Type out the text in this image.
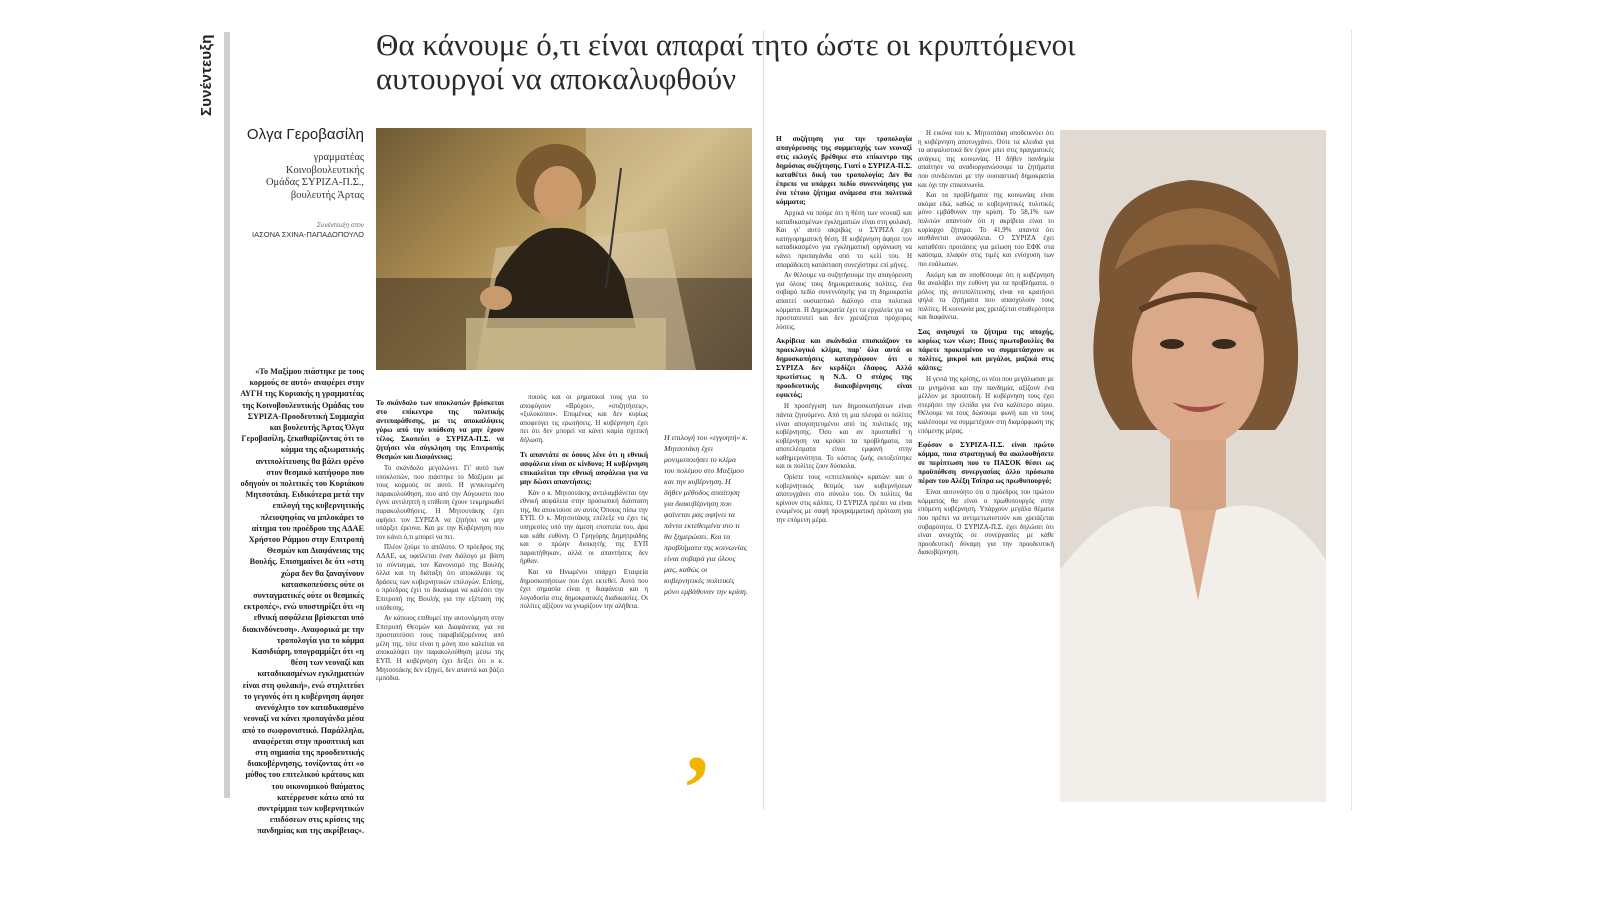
Συνέντευξη	Θα κάνουμε ό,τι είναι απαραί τητο ώστε οι κρυπτόμενοι
αυτουργοί να αποκαλυφθούν
Ολγα Γεροβασίλη
γραμματέας Κοινοβουλευτικής Ομάδας ΣΥΡΙΖΑ-Π.Σ., βουλευτής Άρτας
Συνέντευξη στον
ΙΑΣΟΝΑ ΣΧΙΝΑ-ΠΑΠΑΔΟΠΟΥΛΟ
«Το Μαξίμου πιάστηκε με τους κορμούς σε αυτό» αναφέρει στην ΑΥΓΗ της Κυριακής η γραμματέας της Κοινοβουλευτικής Ομάδας του ΣΥΡΙΖΑ-Προοδευτική Συμμαχία και βουλευτής Άρτας Όλγα Γεροβασίλη, ξεκαθαρίζοντας ότι το κόμμα της αξιωματικής αντιπολίτευσης θα βάλει φρένο στον θεσμικό κατήφορο που οδηγούν οι πολιτικές του Κυριάκου Μητσοτάκη. Ειδικότερα μετά την επιλογή της κυβερνητικής πλειοψηφίας να μπλοκάρει το αίτημα του προέδρου της ΑΔΑΕ Χρήστου Ράμμου στην Επιτροπή Θεσμών και Διαφάνειας της Βουλής. Επισημαίνει δε ότι «στη χώρα δεν θα ξαναγίνουν κατασκοπεύσεις ούτε οι συνταγματικές ούτε οι θεσμικές εκτροπές», ενώ υποστηρίζει ότι «η εθνική ασφάλεια βρίσκεται υπό διακινδύνευση». Αναφορικά με την τροπολογία για το κόμμα Κασιδιάρη, υπογραμμίζει ότι «η θέση των νεοναζί και καταδικασμένων εγκληματιών είναι στη φυλακή», ενώ στηλιτεύει το γεγονός ότι η κυβέρνηση άφησε ανενόχλητο τον καταδικασμένο νεοναζί να κάνει προπαγάνδα μέσα από το σωφρονιστικό. Παράλληλα, αναφέρεται στην προοπτική και στη σημασία της προοδευτικής διακυβέρνησης, τονίζοντας ότι «ο μύθος του επιτελικού κράτους και του οικονομικού θαύματος κατέρρευσε κάτω από τα συντρίμμια των κυβερνητικών επιδόσεων στις κρίσεις της πανδημίας και της ακρίβειας».

Το σκάνδαλο των υποκλοπών βρίσκεται στο επίκεντρο της πολιτικής αντιπαράθεσης, με τις αποκαλύψεις γύρω από την υπόθεση να μην έχουν τέλος. Σκοπεύει ο ΣΥΡΙΖΑ-Π.Σ. να ζητήσει νέα σύγκληση της Επιτροπής Θεσμών και Διαφάνειας;

Το σκάνδαλο μεγαλώνει. Γι' αυτό των υποκλοπών, που πιάστηκε το Μαξίμου με τους κορμούς σε αυτό. Η γενικευμένη παρακολούθηση, που από την Αύγουστο που έγινε αντιληπτή η επίθεση έχουν τεκμηριωθεί παρακολουθήσεις. Η Μητσοτάκης έχει αφήσει τον ΣΥΡΙΖΑ να ζητήσει να μην υπάρξει έρευνα. Και με την Κυβέρνηση που τον κάνει ό,τι μπορεί να πει.

Πλέον ζούμε το απόλυτο. Ο πρόεδρος της ΑΔΑΕ, ως οφείλεται έναν διάλογο με βάση το σύνταγμα, τον Κανονισμό της Βουλής όλλα και τη διάταξη ότι αποκάλυψε τις δράσεις των κυβερνητικών επιλογών. Επίσης, ο πρόεδρος έχει το δικαίωμα να καλέσει την Επιτροπή της Βουλής για την εξέταση της υπόθεσης.

Αν κάποιος επιθυμεί την αυτονόμηση στην Επιτροπή Θεσμών και Διαφάνειας για να προστατεύσει τους παραβιάζομένους από μέλη της, τότε είναι η μόνη που καλείται να αποκαλύψει την παρακολούθηση μέσω της ΕΥΠ. Η κυβέρνηση έχει δείξει ότι ο κ. Μητσοτάκης δεν εξηγεί, δεν απαντά και βάζει εμπόδια.

ποιούς και οι ρηματικοί τους για το αποφύγουν «Βρόχοι», «συζητήσεις», «ξυλοκόποι». Επομένως και δεν κυρίως αποφεύγει τις ερωτήσεις. Η κυβέρνηση έχει πει ότι δεν μπορεί να κάνει καμία σχετική δήλωση.

Τι απαντάτε σε όσους λένε ότι η εθνική ασφάλεια είναι σε κίνδυνο; Η κυβέρνηση επικαλείται την εθνική ασφάλεια για να μην δώσει απαντήσεις;

Κάν ο κ. Μητσοτάκης αντιλαμβάνεται την εθνική ασφάλεια στην προσωπική διάσταση της, θα αποκτούσε αν αυτός Όποιος πίσω την ΕΥΠ. Ο κ. Μητσοτάκης επέλεξε να έχει τις υπηρεσίες υπό την άμεση εποπτεία του, άρα και κάθε ευθύνη. Ο Γρηγόρης Δημητριάδης και ο πρώην διοικητής της ΕΥΠ παραιτήθηκαν, αλλά οι απαντήσεις δεν ήρθαν.

Και να Ηνωμένοι υπάρχει Εταιρεία δημοσκοπήσεων που έχει εκτεθεί. Αυτό που έχει σημασία είναι η διαφάνεια και η λογοδοσία στις δημοκρατικές διαδικασίες. Οι πολίτες αξίζουν να γνωρίζουν την αλήθεια.

Η επιλογή του «εγγυητή» κ. Μητσοτάκη έχει μονιμοποιήσει το κλίμα του πολέμου στο Μαξίμου και την κυβέρνηση. Η δήθεν μέθοδος απαίτηση για διακυβέρνηση που φαίνεται μας αφήνει τα πάντα εκτεθειμένα στο τι θα ξημερώσει. Και τα προβλήματα της κοινωνίας είναι σοβαρά για όλους μας, καθώς οι κυβερνητικές πολιτικές μόνο εμβάθυναν την κρίση.
,

Η συζήτηση για την τροπολογία απαγόρευσης της συμμετοχής των νεοναζί στις εκλογές βρέθηκε στο επίκεντρο της δημόσιας συζήτησης. Γιατί ο ΣΥΡΙΖΑ-Π.Σ. καταθέτει δική του τροπολογία; Δεν θα έπρεπε να υπάρχει πεδίο συνεννόησης για ένα τέτοιο ζήτημα ανάμεσα στα πολιτικά κόμματα;

Αρχικά να πούμε ότι η θέση των νεοναζί και καταδικασμένων εγκληματιών είναι στη φυλακή. Και γι' αυτό ακριβώς ο ΣΥΡΙΖΑ έχει κατηγορηματική θέση. Η κυβέρνηση άφησε τον καταδικασμένο για εγκληματική οργάνωση να κάνει προπαγάνδα από το κελί του. Η απαράδεκτη κατάσταση συνεχίστηκε επί μήνες.

Αν θέλουμε να συζητήσουμε την απαγόρευση για όλους τους δημοκρατικούς πολίτες, ένα σοβαρό πεδίο συνεννόησης για τη δημοκρατία απαιτεί ουσιαστικό διάλογο στα πολιτικά κόμματα. Η Δημοκρατία έχει τα εργαλεία για να προστατευτεί και δεν χρειάζεται πρόχειρες λύσεις.

Ακρίβεια και σκάνδαλα επισκιάζουν το προεκλογικό κλίμα, παρ' όλα αυτά οι δημοσκοπήσεις καταγράφουν ότι ο ΣΥΡΙΖΑ δεν κερδίζει έδαφος. Αλλά πρωτίστως η Ν.Δ. Ο στόχος της προοδευτικής διακυβέρνησης είναι εφικτός;

Η προσέγγιση των δημοσκοπήσεων είναι πάντα ζητούμενο. Από τη μια πλευρά οι πολίτες είναι απογοητευμένοι από τις πολιτικές της κυβέρνησης. Όσο και αν προσπαθεί η κυβέρνηση να κρύψει τα προβλήματα, τα αποτελέσματα είναι εμφανή στην καθημερινότητα. Το κόστος ζωής εκτοξεύτηκε και οι πολίτες ζουν δύσκολα.

Ορίστε τους «επιτελικούς» κρατών: και ο κυβερνητικός θεσμός των κυβερνήσεων αποτυγχάνει στο σύνολο του. Οι πολίτες θα κρίνουν στις κάλπες. Ο ΣΥΡΙΖΑ πρέπει να είναι ενωμένος με σαφή προγραμματική πρόταση για την επόμενη μέρα.

Η εικόνα του κ. Μητσοτάκη αποδεικνύει ότι η κυβέρνηση αποτυγχάνει. Ούτε τα κλειδιά για τα ασφαλιστικά δεν έχουν μπει στις πραγματικές ανάγκες της κοινωνίας. Η δήθεν πανδημία απαίτησε να αναδιοργανώσουμε τα ζητήματα που συνδέονται με την ουσιαστική δημοκρατία και όχι την επικοινωνία.

Και τα προβλήματα της κοινωνίας είναι ακόμα εδώ, καθώς οι κυβερνητικές πολιτικές μόνο εμβάθυναν την κρίση. Το 58,1% των πολιτών απαντούν ότι η ακρίβεια είναι το κυρίαρχο ζήτημα. Το 41,9% απαντά ότι αισθάνεται ανασφάλεια. Ο ΣΥΡΙΖΑ έχει καταθέσει προτάσεις για μείωση του ΕΦΚ στα καύσιμα, πλαφόν στις τιμές και ενίσχυση των πιο ευάλωτων.

Ακόμη και αν υποθέσουμε ότι η κυβέρνηση θα αναλάβει την ευθύνη για τα προβλήματα, ο ρόλος της αντιπολίτευσης είναι να κρατήσει ψηλά τα ζητήματα που απασχολούν τους πολίτες. Η κοινωνία μας χρειάζεται σταθερότητα και διαφάνεια.

Σας ανησυχεί το ζήτημα της αποχής, κυρίως των νέων; Ποιες πρωτοβουλίες θα πάρετε προκειμένου να συμμετάσχουν οι πολίτες, μικροί και μεγάλοι, μαζικά στις κάλπες;

Η γενιά της κρίσης, οι νέοι που μεγάλωσαν με τα μνημόνια και την πανδημία, αξίζουν ένα μέλλον με προοπτική. Η κυβέρνηση τους έχει στερήσει την ελπίδα για ένα καλύτερο αύριο. Θέλουμε να τους δώσουμε φωνή και να τους καλέσουμε να συμμετέχουν στη διαμόρφωση της επόμενης μέρας.

Εφόσον ο ΣΥΡΙΖΑ-Π.Σ. είναι πρώτο κόμμα, ποια στρατηγική θα ακολουθήσετε σε περίπτωση που το ΠΑΣΟΚ θέσει ως προϋπόθεση συνεργασίας άλλο πρόσωπο πέραν του Αλέξη Τσίπρα ως πρωθυπουργό;

Είναι αυτονόητο ότι ο πρόεδρος του πρώτου κόμματος θα είναι ο πρωθυπουργός στην επόμενη κυβέρνηση. Υπάρχουν μεγάλα θέματα που πρέπει να αντιμετωπιστούν και χρειάζεται σοβαρότητα. Ο ΣΥΡΙΖΑ-Π.Σ. έχει δηλώσει ότι είναι ανοιχτός σε συνεργασίες με κάθε προοδευτική δύναμη για την προοδευτική διακυβέρνηση.
